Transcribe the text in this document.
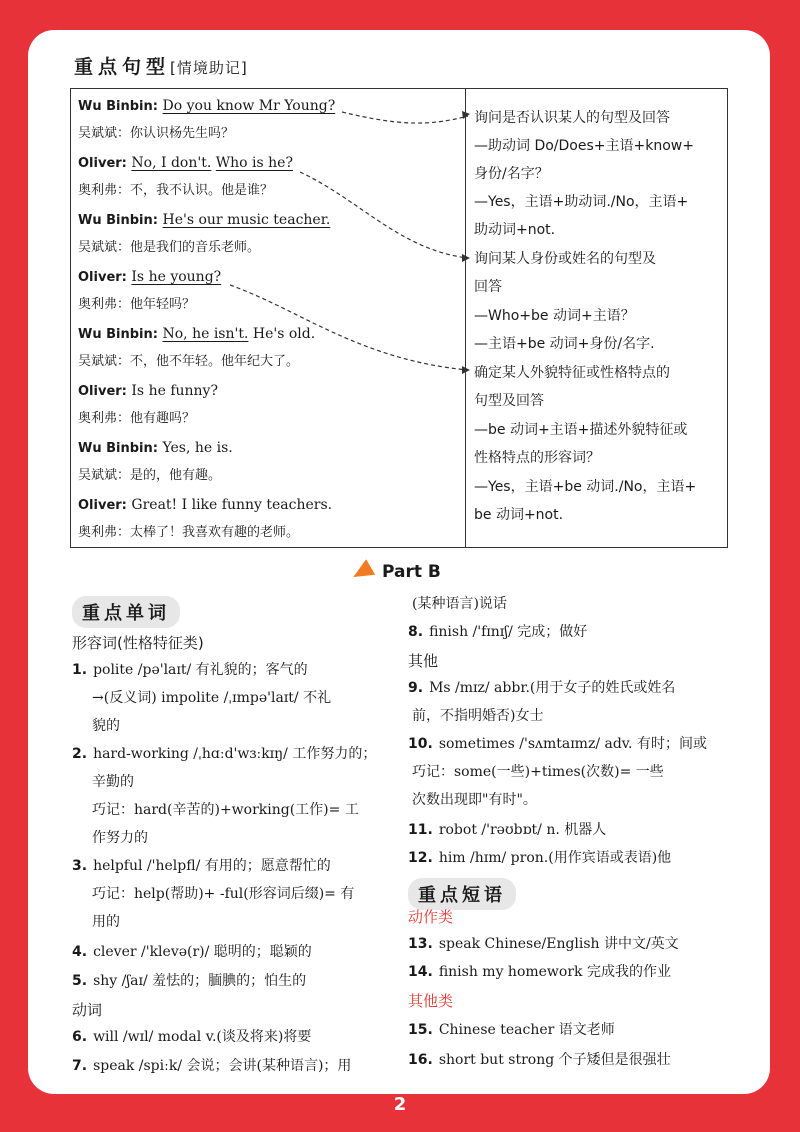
重点句型[情境助记]
Wu Binbin: Do you know Mr Young?
吴斌斌：你认识杨先生吗？
Oliver: No, I don't. Who is he?
奥利弗：不，我不认识。他是谁？
Wu Binbin: He's our music teacher.
吴斌斌：他是我们的音乐老师。
Oliver: Is he young?
奥利弗：他年轻吗？
Wu Binbin: No, he isn't. He's old.
吴斌斌：不，他不年轻。他年纪大了。
Oliver: Is he funny?
奥利弗：他有趣吗？
Wu Binbin: Yes, he is.
吴斌斌：是的，他有趣。
Oliver: Great! I like funny teachers.
奥利弗：太棒了！我喜欢有趣的老师。
询问是否认识某人的句型及回答
—助动词 Do/Does+主语+know+
身份/名字？
—Yes，主语+助动词./No，主语+
助动词+not.
询问某人身份或姓名的句型及
回答
—Who+be 动词+主语？
—主语+be 动词+身份/名字.
确定某人外貌特征或性格特点的
句型及回答
—be 动词+主语+描述外貌特征或
性格特点的形容词？
—Yes，主语+be 动词./No，主语+
be 动词+not.
Part B
重点单词
重点短语
形容词(性格特征类)
1. polite /pə'laɪt/ 有礼貌的；客气的
→(反义词) impolite /ˌɪmpə'laɪt/ 不礼
貌的
2. hard-working /ˌhɑːd'wɜːkɪŋ/ 工作努力的；
辛勤的
巧记：hard(辛苦的)+working(工作)= 工
作努力的
3. helpful /'helpfl/ 有用的；愿意帮忙的
巧记：help(帮助)+ -ful(形容词后缀)= 有
用的
4. clever /'klevə(r)/ 聪明的；聪颖的
5. shy /ʃaɪ/ 羞怯的；腼腆的；怕生的
动词
6. will /wɪl/ modal v.(谈及将来)将要
7. speak /spiːk/ 会说；会讲(某种语言)；用
(某种语言)说话
8. finish /'fɪnɪʃ/ 完成；做好
其他
9. Ms /mɪz/ abbr.(用于女子的姓氏或姓名
前，不指明婚否)女士
10. sometimes /'sʌmtaɪmz/ adv. 有时；间或
巧记：some(一些)+times(次数)= 一些
次数出现即"有时"。
11. robot /'rəʊbɒt/ n. 机器人
12. him /hɪm/ pron.(用作宾语或表语)他
动作类
13. speak Chinese/English 讲中文/英文
14. finish my homework 完成我的作业
其他类
15. Chinese teacher 语文老师
16. short but strong 个子矮但是很强壮
2
